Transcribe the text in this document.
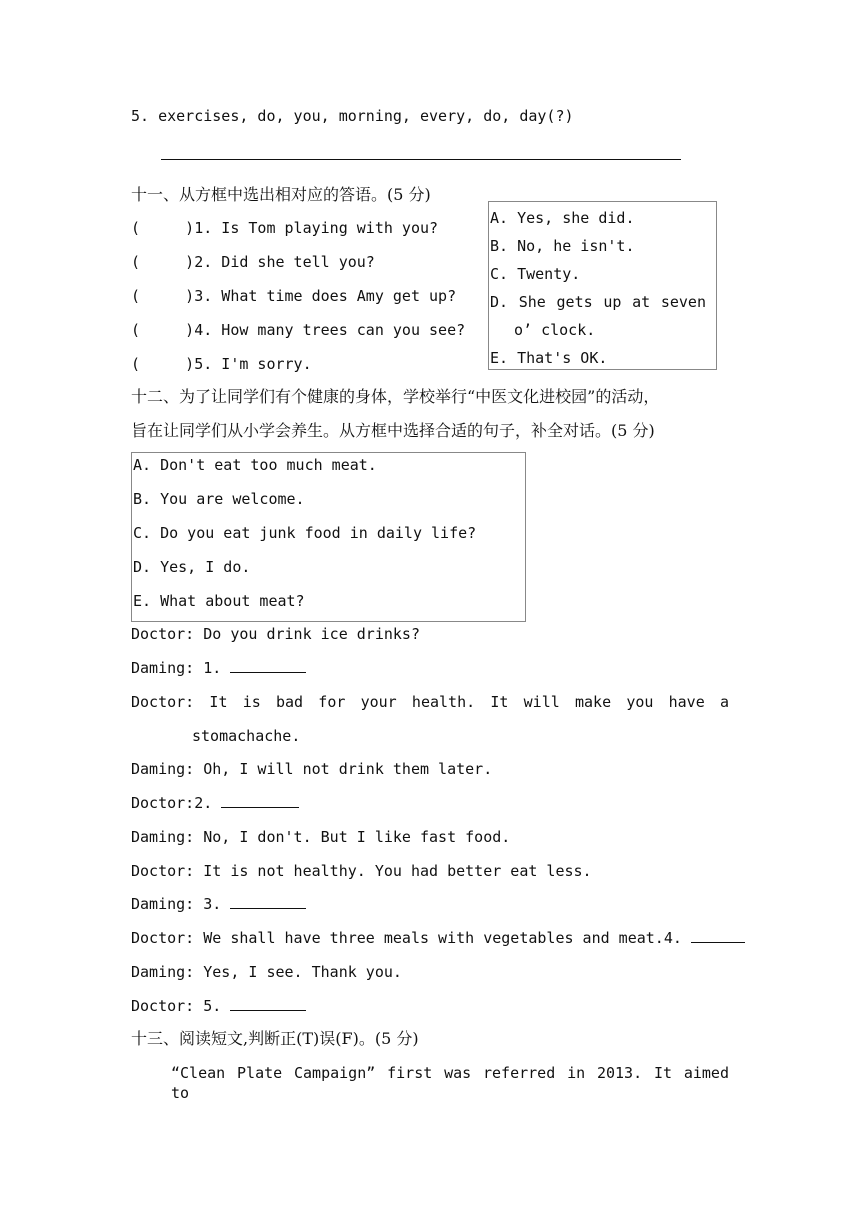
5. exercises, do, you, morning, every, do, day(?)
十一、从方框中选出相对应的答语。(5 分)
(     )1. Is Tom playing with you?
(     )2. Did she tell you?
(     )3. What time does Amy get up?
(     )4. How many trees can you see?
(     )5. I'm sorry.
A. Yes, she did.
B. No, he isn't.
C. Twenty.
D. She gets up at seven
o’ clock.
E. That's OK.
十二、为了让同学们有个健康的身体，学校举行“中医文化进校园”的活动，
旨在让同学们从小学会养生。从方框中选择合适的句子，补全对话。(5 分)
A. Don't eat too much meat.
B. You are welcome.
C. Do you eat junk food in daily life?
D. Yes, I do.
E. What about meat?
Doctor: Do you drink ice drinks?
Daming: 1.
Doctor: It is bad for your health. It will make you have a
stomachache.
Daming: Oh, I will not drink them later.
Doctor:2.
Daming: No, I don't. But I like fast food.
Doctor: It is not healthy. You had better eat less.
Daming: 3.
Doctor: We shall have three meals with vegetables and meat.4.
Daming: Yes, I see. Thank you.
Doctor: 5.
十三、阅读短文,判断正(T)误(F)。(5 分)
“Clean Plate Campaign” first was referred in 2013. It aimed to
